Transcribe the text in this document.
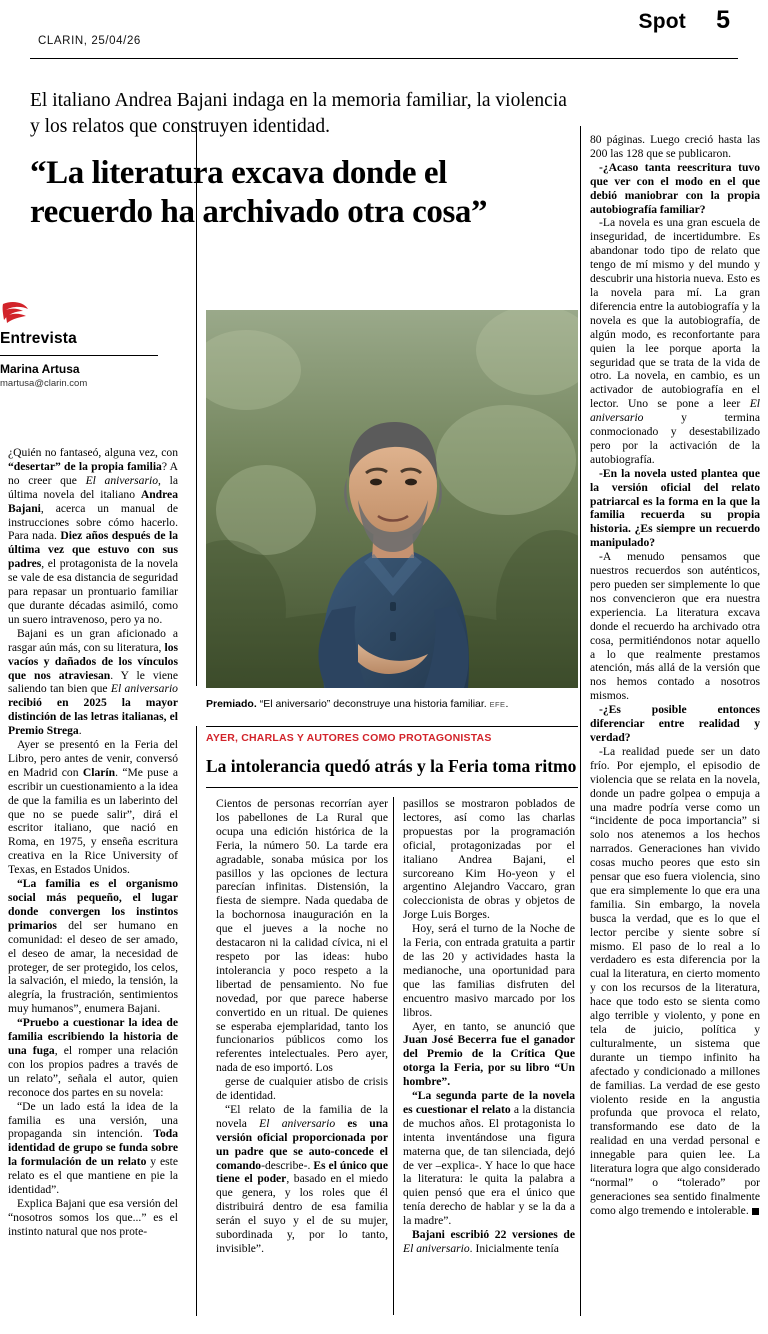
Spot 5
CLARIN, 25/04/26
El italiano Andrea Bajani indaga en la memoria familiar, la violencia y los relatos que construyen identidad.
“La literatura excava donde el recuerdo ha archivado otra cosa”
Entrevista
Marina Artusa
martusa@clarin.com
Premiado. “El aniversario” deconstruye una historia familiar. EFE.
AYER, CHARLAS Y AUTORES COMO PROTAGONISTAS
La intolerancia quedó atrás y la Feria toma ritmo

¿Quién no fantaseó, alguna vez, con “desertar” de la propia familia? A no creer que El aniversario, la última novela del italiano Andrea Bajani, acerca un manual de instrucciones sobre cómo hacerlo. Para nada. Diez años después de la última vez que estuvo con sus padres, el protagonista de la novela se vale de esa distancia de seguridad para repasar un prontuario familiar que durante décadas asimiló, como un suero intravenoso, pero ya no.

Bajani es un gran aficionado a rasgar aún más, con su literatura, los vacíos y dañados de los vínculos que nos atraviesan. Y le viene saliendo tan bien que El aniversario recibió en 2025 la mayor distinción de las letras italianas, el Premio Strega.

Ayer se presentó en la Feria del Libro, pero antes de venir, conversó en Madrid con Clarín. “Me puse a escribir un cuestionamiento a la idea de que la familia es un laberinto del que no se puede salir”, dirá el escritor italiano, que nació en Roma, en 1975, y enseña escritura creativa en la Rice University of Texas, en Estados Unidos.

“La familia es el organismo social más pequeño, el lugar donde convergen los instintos primarios del ser humano en comunidad: el deseo de ser amado, el deseo de amar, la necesidad de proteger, de ser protegido, los celos, la salvación, el miedo, la tensión, la alegría, la frustración, sentimientos muy humanos”, enumera Bajani.

“Pruebo a cuestionar la idea de familia escribiendo la historia de una fuga, el romper una relación con los propios padres a través de un relato”, señala el autor, quien reconoce dos partes en su novela:

“De un lado está la idea de la familia es una versión, una propaganda sin intención. Toda identidad de grupo se funda sobre la formulación de un relato y este relato es el que mantiene en pie la identidad”.

Explica Bajani que esa versión del “nosotros somos los que...” es el instinto natural que nos prote-

Cientos de personas recorrían ayer los pabellones de La Rural que ocupa una edición histórica de la Feria, la número 50. La tarde era agradable, sonaba música por los pasillos y las opciones de lectura parecían infinitas. Distensión, la fiesta de siempre. Nada quedaba de la bochornosa inauguración en la que el jueves a la noche no destacaron ni la calidad cívica, ni el respeto por las ideas: hubo intolerancia y poco respeto a la libertad de pensamiento. No fue novedad, por que parece haberse convertido en un ritual. De quienes se esperaba ejemplaridad, tanto los funcionarios públicos como los referentes intelectuales. Pero ayer, nada de eso importó. Los

gerse de cualquier atisbo de crisis de identidad.

“El relato de la familia de la novela El aniversario es una versión oficial proporcionada por un padre que se auto-concede el comando-describe-. Es el único que tiene el poder, basado en el miedo que genera, y los roles que él distribuirá dentro de esa familia serán el suyo y el de su mujer, subordinada y, por lo tanto, invisible”.

pasillos se mostraron poblados de lectores, así como las charlas propuestas por la programación oficial, protagonizadas por el italiano Andrea Bajani, el surcoreano Kim Ho-yeon y el argentino Alejandro Vaccaro, gran coleccionista de obras y objetos de Jorge Luis Borges.

Hoy, será el turno de la Noche de la Feria, con entrada gratuita a partir de las 20 y actividades hasta la medianoche, una oportunidad para que las familias disfruten del encuentro masivo marcado por los libros.

Ayer, en tanto, se anunció que Juan José Becerra fue el ganador del Premio de la Crítica Que otorga la Feria, por su libro “Un hombre”.

“La segunda parte de la novela es cuestionar el relato a la distancia de muchos años. El protagonista lo intenta inventándose una figura materna que, de tan silenciada, dejó de ver –explica-. Y hace lo que hace la literatura: le quita la palabra a quien pensó que era el único que tenía derecho de hablar y se la da a la madre”.

Bajani escribió 22 versiones de El aniversario. Inicialmente tenía

80 páginas. Luego creció hasta las 200 las 128 que se publicaron.

-¿Acaso tanta reescritura tuvo que ver con el modo en el que debió maniobrar con la propia autobiografía familiar?

-La novela es una gran escuela de inseguridad, de incertidumbre. Es abandonar todo tipo de relato que tengo de mí mismo y del mundo y descubrir una historia nueva. Esto es la novela para mí. La gran diferencia entre la autobiografía y la novela es que la autobiografía, de algún modo, es reconfortante para quien la lee porque aporta la seguridad que se trata de la vida de otro. La novela, en cambio, es un activador de autobiografía en el lector. Uno se pone a leer El aniversario y termina conmocionado y desestabilizado pero por la activación de la autobiografía.

-En la novela usted plantea que la versión oficial del relato patriarcal es la forma en la que la familia recuerda su propia historia. ¿Es siempre un recuerdo manipulado?

-A menudo pensamos que nuestros recuerdos son auténticos, pero pueden ser simplemente lo que nos convencieron que era nuestra experiencia. La literatura excava donde el recuerdo ha archivado otra cosa, permitiéndonos notar aquello a lo que realmente prestamos atención, más allá de la versión que nos hemos contado a nosotros mismos.

-¿Es posible entonces diferenciar entre realidad y verdad?

-La realidad puede ser un dato frío. Por ejemplo, el episodio de violencia que se relata en la novela, donde un padre golpea o empuja a una madre podría verse como un “incidente de poca importancia” si solo nos atenemos a los hechos narrados. Generaciones han vivido cosas mucho peores que esto sin pensar que eso fuera violencia, sino que era simplemente lo que era una familia. Sin embargo, la novela busca la verdad, que es lo que el lector percibe y siente sobre sí mismo. El paso de lo real a lo verdadero es esta diferencia por la cual la literatura, en cierto momento y con los recursos de la literatura, hace que todo esto se sienta como algo terrible y violento, y pone en tela de juicio, política y culturalmente, un sistema que durante un tiempo infinito ha afectado y condicionado a millones de familias. La verdad de ese gesto violento reside en la angustia profunda que provoca el relato, transformando ese dato de la realidad en una verdad personal e innegable para quien lee. La literatura logra que algo considerado “normal” o “tolerado” por generaciones sea sentido finalmente como algo tremendo e intolerable.
